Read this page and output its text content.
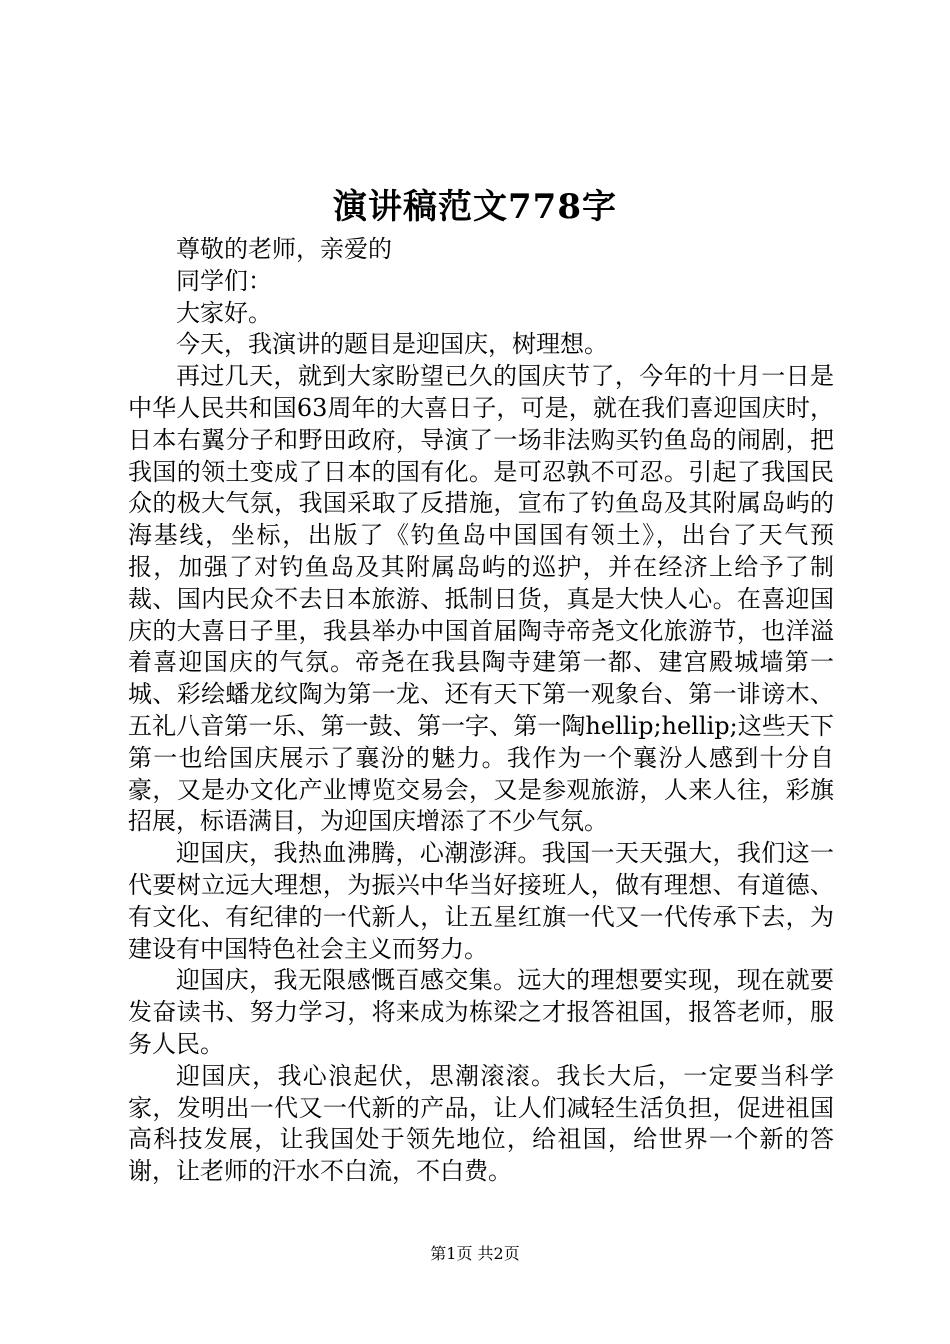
演讲稿范文778字

尊敬的老师，亲爱的

同学们：

大家好。

今天，我演讲的题目是迎国庆，树理想。

再过几天，就到大家盼望已久的国庆节了，今年的十月一日是中华人民共和国63周年的大喜日子，可是，就在我们喜迎国庆时，日本右翼分子和野田政府，导演了一场非法购买钓鱼岛的闹剧，把我国的领土变成了日本的国有化。是可忍孰不可忍。引起了我国民众的极大气氛，我国采取了反措施，宣布了钓鱼岛及其附属岛屿的海基线，坐标，出版了《钓鱼岛中国国有领土》，出台了天气预报，加强了对钓鱼岛及其附属岛屿的巡护，并在经济上给予了制裁、国内民众不去日本旅游、抵制日货，真是大快人心。在喜迎国庆的大喜日子里，我县举办中国首届陶寺帝尧文化旅游节，也洋溢着喜迎国庆的气氛。帝尧在我县陶寺建第一都、建宫殿城墙第一城、彩绘蟠龙纹陶为第一龙、还有天下第一观象台、第一诽谤木、五礼八音第一乐、第一鼓、第一字、第一陶hellip;hellip;这些天下第一也给国庆展示了襄汾的魅力。我作为一个襄汾人感到十分自豪，又是办文化产业博览交易会，又是参观旅游，人来人往，彩旗招展，标语满目，为迎国庆增添了不少气氛。

迎国庆，我热血沸腾，心潮澎湃。我国一天天强大，我们这一代要树立远大理想，为振兴中华当好接班人，做有理想、有道德、有文化、有纪律的一代新人，让五星红旗一代又一代传承下去，为建设有中国特色社会主义而努力。

迎国庆，我无限感慨百感交集。远大的理想要实现，现在就要发奋读书、努力学习，将来成为栋梁之才报答祖国，报答老师，服务人民。

迎国庆，我心浪起伏，思潮滚滚。我长大后，一定要当科学家，发明出一代又一代新的产品，让人们减轻生活负担，促进祖国高科技发展，让我国处于领先地位，给祖国，给世界一个新的答谢，让老师的汗水不白流，不白费。

第1页 共2页
